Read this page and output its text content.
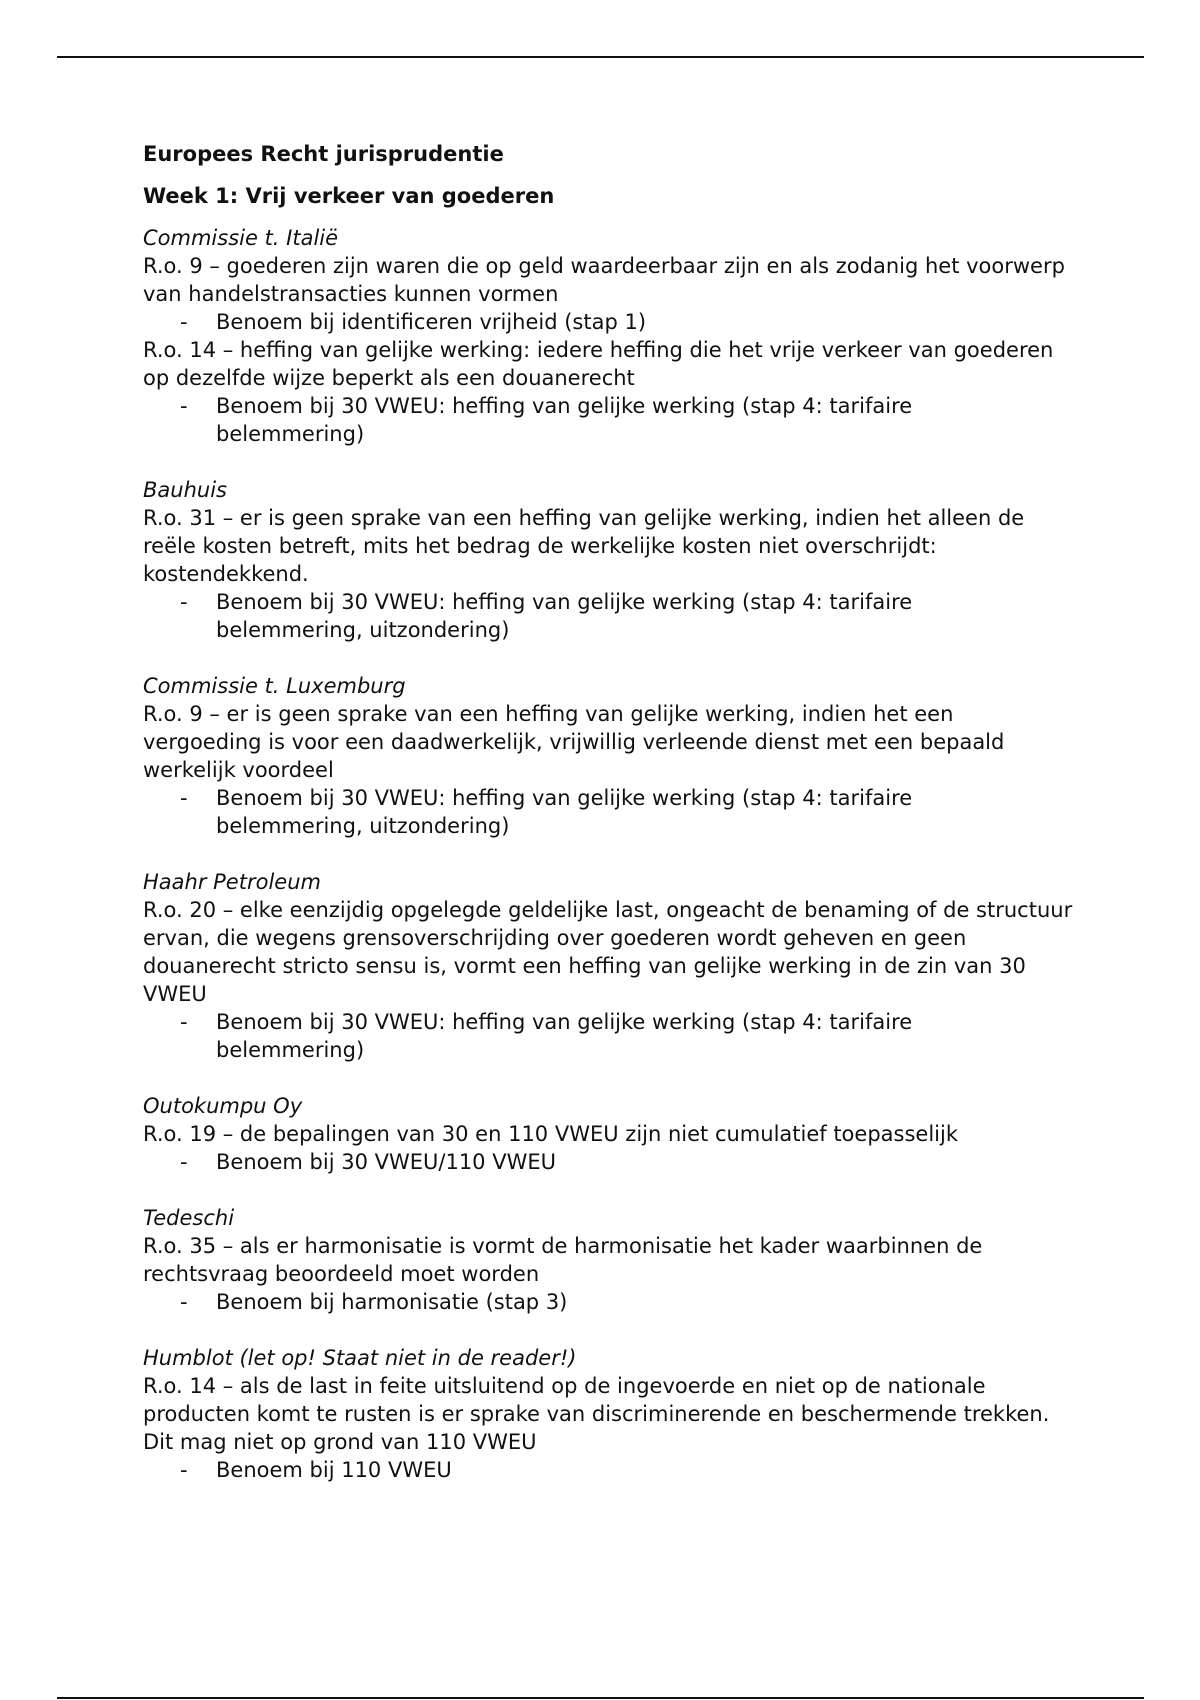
Europees Recht jurisprudentie
Week 1: Vrij verkeer van goederen
Commissie t. Italië

R.o. 9 – goederen zijn waren die op geld waardeerbaar zijn en als zodanig het voorwerp van handelstransacties kunnen vormen

- Benoem bij identificeren vrijheid (stap 1)

R.o. 14 – heffing van gelijke werking: iedere heffing die het vrije verkeer van goederen op dezelfde wijze beperkt als een douanerecht

- Benoem bij 30 VWEU: heffing van gelijke werking (stap 4: tarifaire belemmering)
Bauhuis

R.o. 31 – er is geen sprake van een heffing van gelijke werking, indien het alleen de reële kosten betreft, mits het bedrag de werkelijke kosten niet overschrijdt: kostendekkend.

- Benoem bij 30 VWEU: heffing van gelijke werking (stap 4: tarifaire belemmering, uitzondering)
Commissie t. Luxemburg

R.o. 9 – er is geen sprake van een heffing van gelijke werking, indien het een vergoeding is voor een daadwerkelijk, vrijwillig verleende dienst met een bepaald werkelijk voordeel

- Benoem bij 30 VWEU: heffing van gelijke werking (stap 4: tarifaire belemmering, uitzondering)
Haahr Petroleum

R.o. 20 – elke eenzijdig opgelegde geldelijke last, ongeacht de benaming of de structuur ervan, die wegens grensoverschrijding over goederen wordt geheven en geen douanerecht stricto sensu is, vormt een heffing van gelijke werking in de zin van 30 VWEU

- Benoem bij 30 VWEU: heffing van gelijke werking (stap 4: tarifaire belemmering)
Outokumpu Oy

R.o. 19 – de bepalingen van 30 en 110 VWEU zijn niet cumulatief toepasselijk

- Benoem bij 30 VWEU/110 VWEU
Tedeschi

R.o. 35 – als er harmonisatie is vormt de harmonisatie het kader waarbinnen de rechtsvraag beoordeeld moet worden

- Benoem bij harmonisatie (stap 3)
Humblot (let op! Staat niet in de reader!)

R.o. 14 – als de last in feite uitsluitend op de ingevoerde en niet op de nationale producten komt te rusten is er sprake van discriminerende en beschermende trekken. Dit mag niet op grond van 110 VWEU

- Benoem bij 110 VWEU
